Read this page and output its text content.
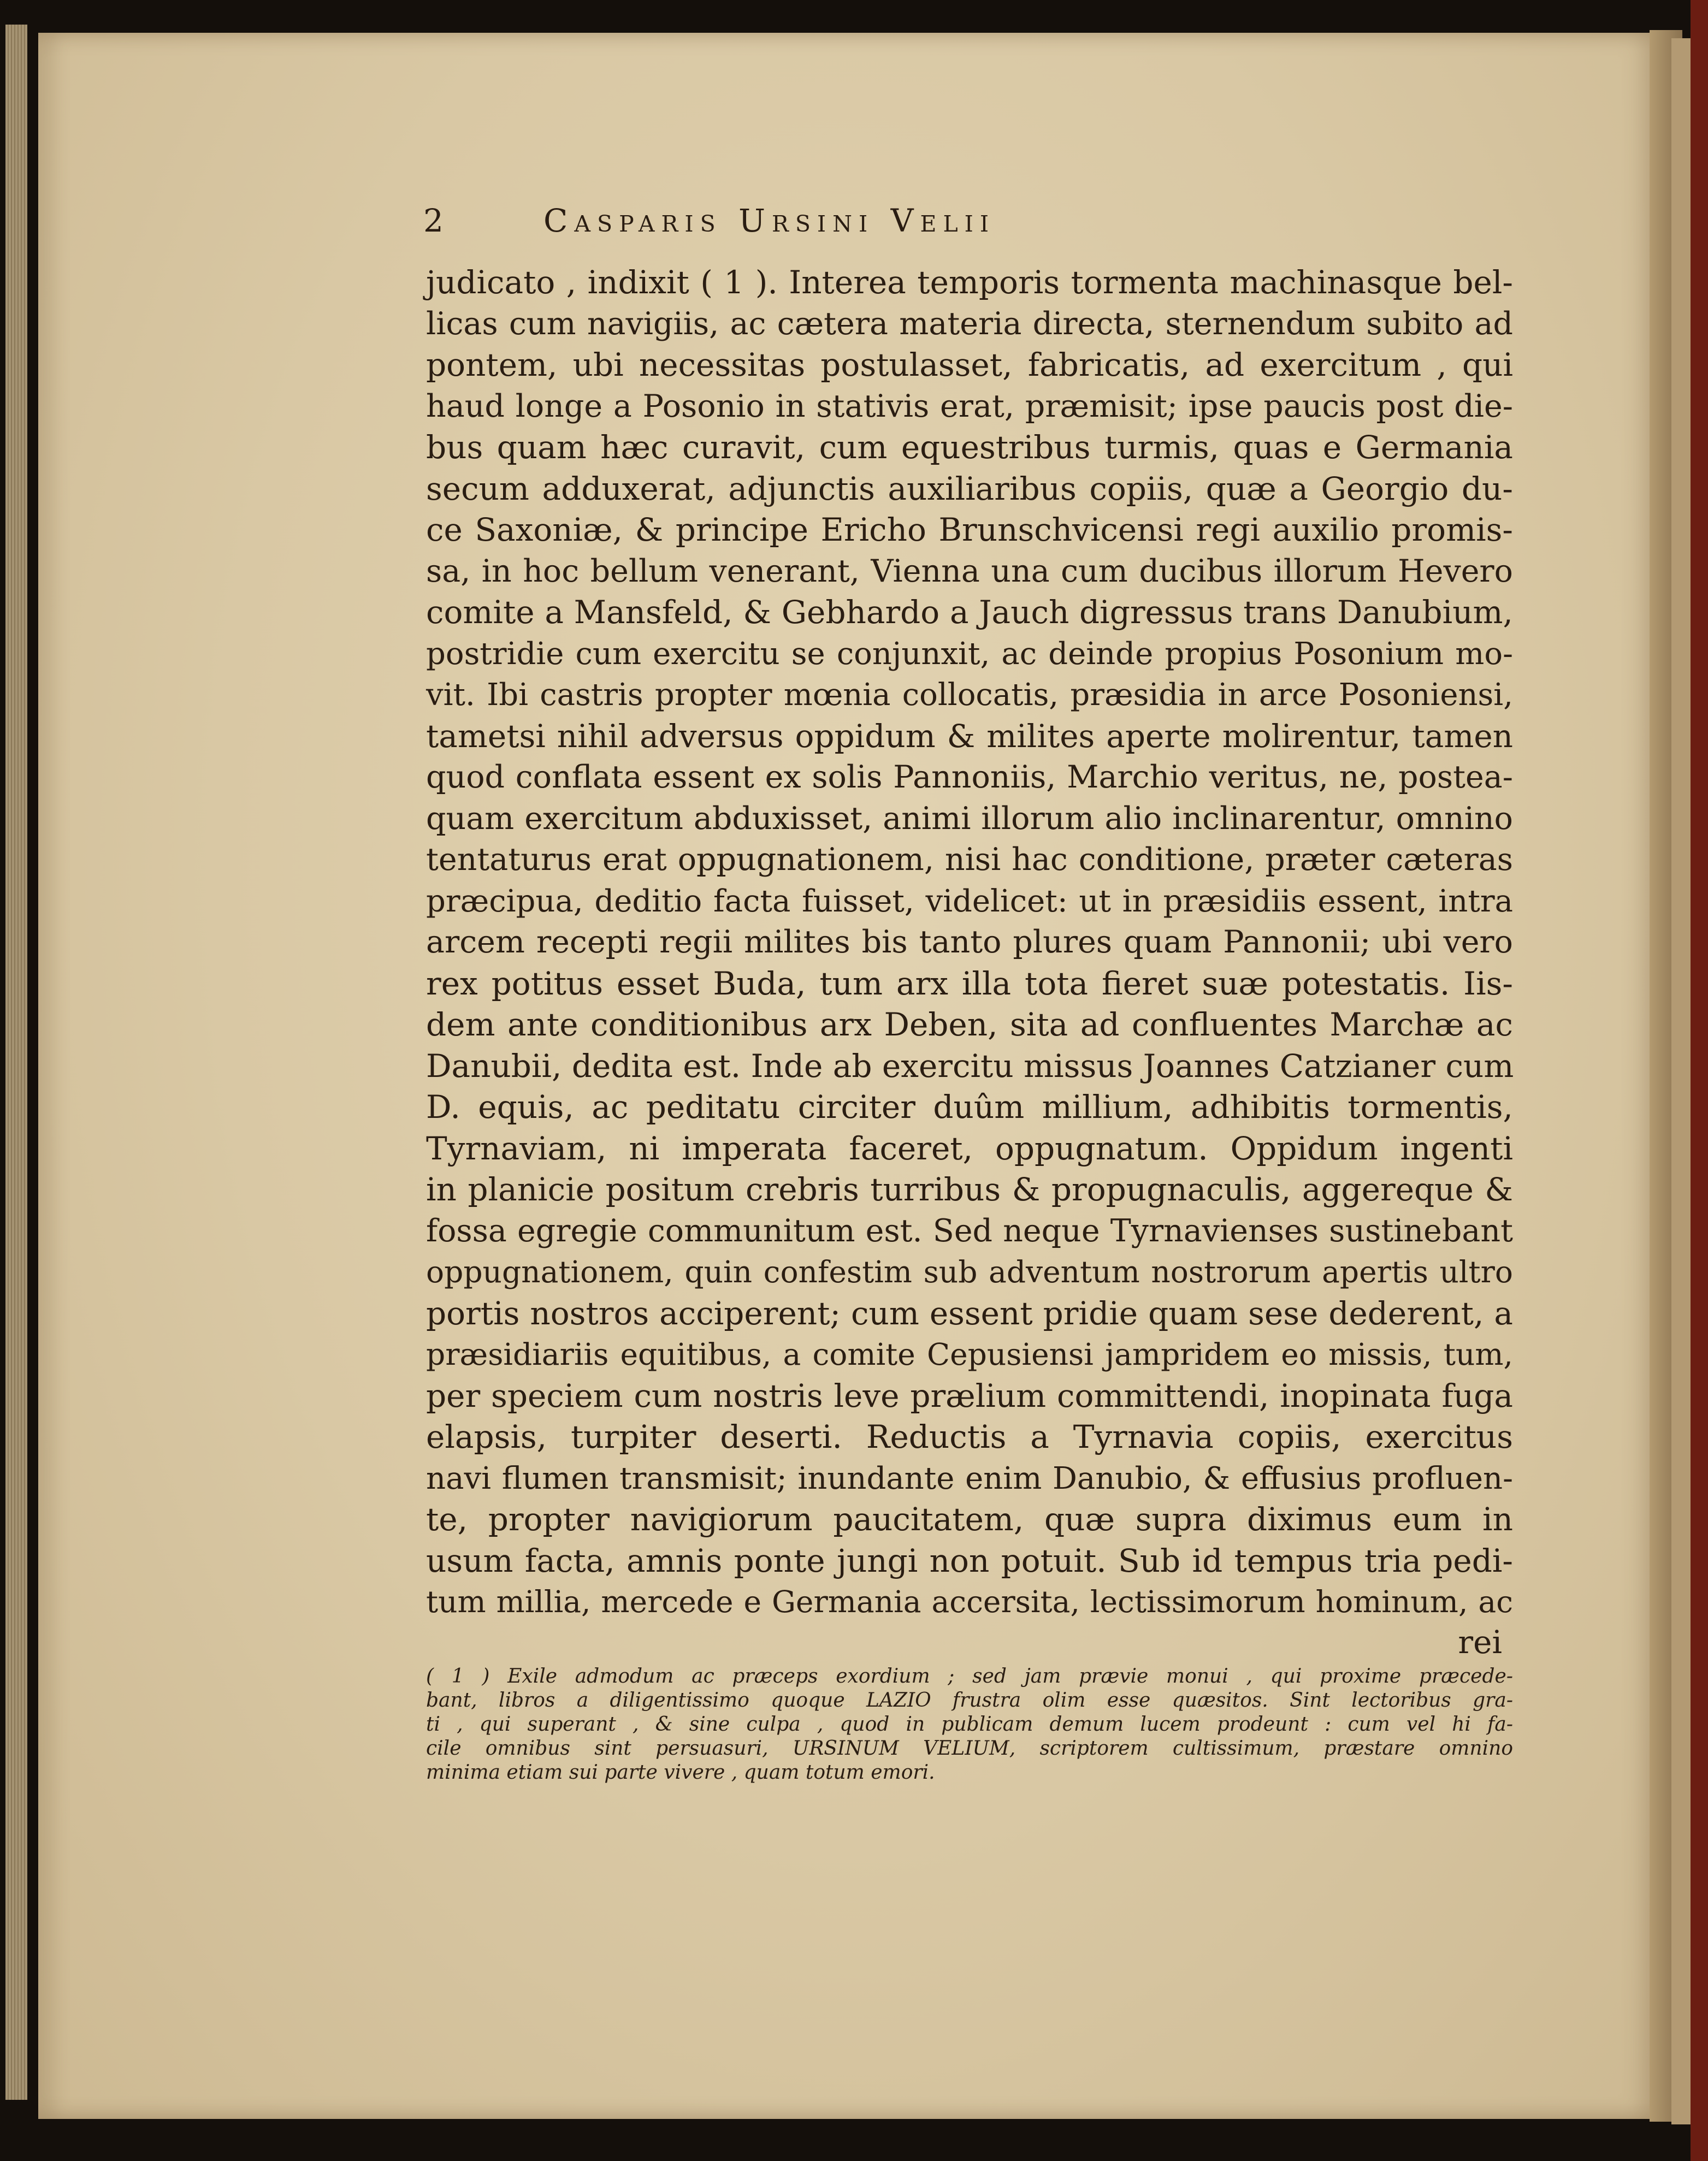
2	Casparis Ursini Velii
judicato , indixit ( 1 ). Interea temporis tormenta machinasque bel-
licas cum navigiis, ac cætera materia directa, sternendum subito ad
pontem, ubi necessitas postulasset, fabricatis, ad exercitum , qui
haud longe a Posonio in stativis erat, præmisit; ipse paucis post die-
bus quam hæc curavit, cum equestribus turmis, quas e Germania
secum adduxerat, adjunctis auxiliaribus copiis, quæ a Georgio du-
ce Saxoniæ, & principe Ericho Brunschvicensi regi auxilio promis-
sa, in hoc bellum venerant, Vienna una cum ducibus illorum Hevero
comite a Mansfeld, & Gebhardo a Jauch digressus trans Danubium,
postridie cum exercitu se conjunxit, ac deinde propius Posonium mo-
vit. Ibi castris propter mœnia collocatis, præsidia in arce Posoniensi,
tametsi nihil adversus oppidum & milites aperte molirentur, tamen
quod conflata essent ex solis Pannoniis, Marchio veritus, ne, postea-
quam exercitum abduxisset, animi illorum alio inclinarentur, omnino
tentaturus erat oppugnationem, nisi hac conditione, præter cæteras
præcipua, deditio facta fuisset, videlicet: ut in præsidiis essent, intra
arcem recepti regii milites bis tanto plures quam Pannonii; ubi vero
rex potitus esset Buda, tum arx illa tota fieret suæ potestatis. Iis-
dem ante conditionibus arx Deben, sita ad confluentes Marchæ ac
Danubii, dedita est. Inde ab exercitu missus Joannes Catzianer cum
D. equis, ac peditatu circiter duûm millium, adhibitis tormentis,
Tyrnaviam, ni imperata faceret, oppugnatum. Oppidum ingenti
in planicie positum crebris turribus & propugnaculis, aggereque &
fossa egregie communitum est. Sed neque Tyrnavienses sustinebant
oppugnationem, quin confestim sub adventum nostrorum apertis ultro
portis nostros acciperent; cum essent pridie quam sese dederent, a
præsidiariis equitibus, a comite Cepusiensi jampridem eo missis, tum,
per speciem cum nostris leve prælium committendi, inopinata fuga
elapsis, turpiter deserti. Reductis a Tyrnavia copiis, exercitus
navi flumen transmisit; inundante enim Danubio, & effusius profluen-
te, propter navigiorum paucitatem, quæ supra diximus eum in
usum facta, amnis ponte jungi non potuit. Sub id tempus tria pedi-
tum millia, mercede e Germania accersita, lectissimorum hominum, ac
rei
( 1 ) Exile admodum ac præceps exordium ; sed jam prævie monui , qui proxime præcede-
bant, libros a diligentissimo quoque LAZIO frustra olim esse quæsitos. Sint lectoribus gra-
ti , qui superant , & sine culpa , quod in publicam demum lucem prodeunt : cum vel hi fa-
cile omnibus sint persuasuri, URSINUM VELIUM, scriptorem cultissimum, præstare omnino
minima etiam sui parte vivere , quam totum emori.
